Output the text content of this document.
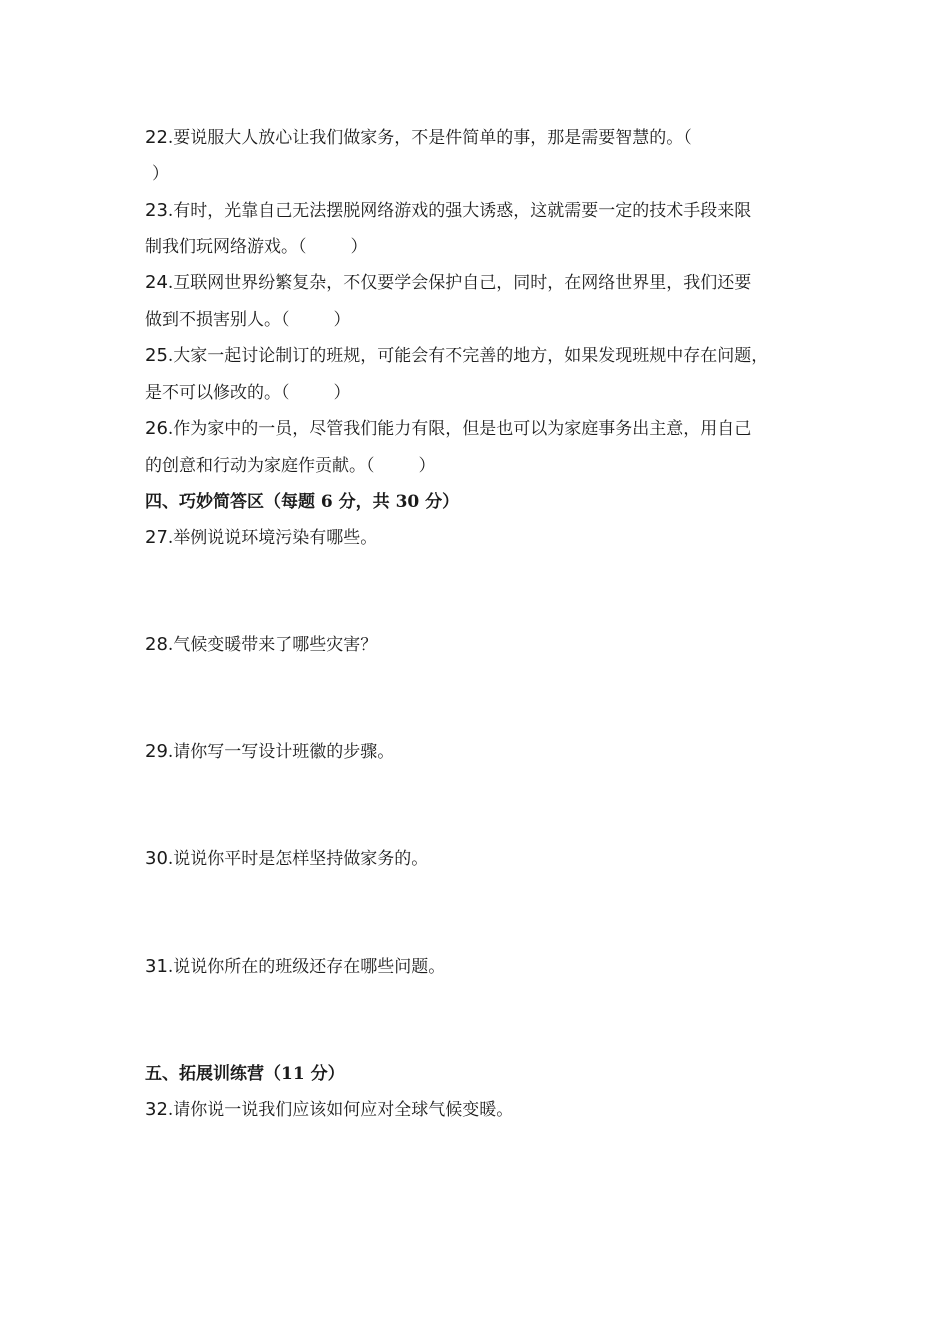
22.要说服大人放心让我们做家务，不是件简单的事，那是需要智慧的。（
）
23.有时，光靠自己无法摆脱网络游戏的强大诱惑，这就需要一定的技术手段来限
制我们玩网络游戏。（	）
24.互联网世界纷繁复杂，不仅要学会保护自己，同时，在网络世界里，我们还要
做到不损害别人。（	）
25.大家一起讨论制订的班规，可能会有不完善的地方，如果发现班规中存在问题，
是不可以修改的。（	）
26.作为家中的一员，尽管我们能力有限，但是也可以为家庭事务出主意，用自己
的创意和行动为家庭作贡献。（	）
四、巧妙简答区（每题 6 分，共 30 分）
27.举例说说环境污染有哪些。
28.气候变暖带来了哪些灾害？
29.请你写一写设计班徽的步骤。
30.说说你平时是怎样坚持做家务的。
31.说说你所在的班级还存在哪些问题。
五、拓展训练营（11 分）
32.请你说一说我们应该如何应对全球气候变暖。
